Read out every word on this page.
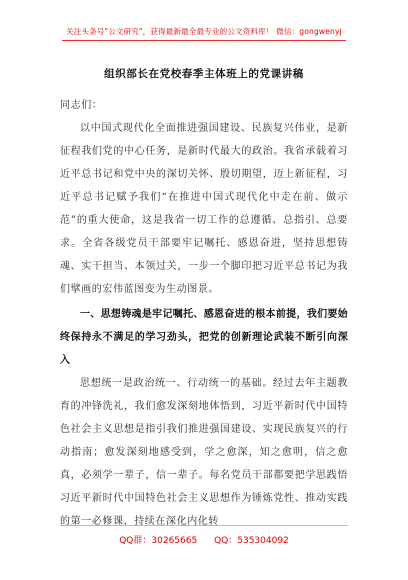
关注头条号"公文研究"，获得最新最全最专业的公文资料库！ 微信：gongwenyj
组织部长在党校春季主体班上的党课讲稿

同志们：

以中国式现代化全面推进强国建设、民族复兴伟业，是新征程我们党的中心任务，是新时代最大的政治。我省承载着习近平总书记和党中央的深切关怀、殷切期望，迈上新征程，习近平总书记赋予我们“在推进中国式现代化中走在前、做示范”的重大使命，这是我省一切工作的总遵循、总指引、总要求。全省各级党员干部要牢记嘱托、感恩奋进，坚持思想铸魂、实干担当、本领过关，一步一个脚印把习近平总书记为我们擘画的宏伟蓝图变为生动图景。

一、思想铸魂是牢记嘱托、感恩奋进的根本前提，我们要始终保持永不满足的学习劲头，把党的创新理论武装不断引向深入

思想统一是政治统一、行动统一的基础。经过去年主题教育的冲锋洗礼，我们愈发深刻地体悟到，习近平新时代中国特色社会主义思想是指引我们推进强国建设、实现民族复兴的行动指南；愈发深刻地感受到，学之愈深，知之愈明，信之愈真，必须学一辈子，信一辈子。每名党员干部都要把学思践悟习近平新时代中国特色社会主义思想作为锤炼党性、推动实践的第一必修课，持续在深化内化转

QQ群：30265665 QQ：535304092
